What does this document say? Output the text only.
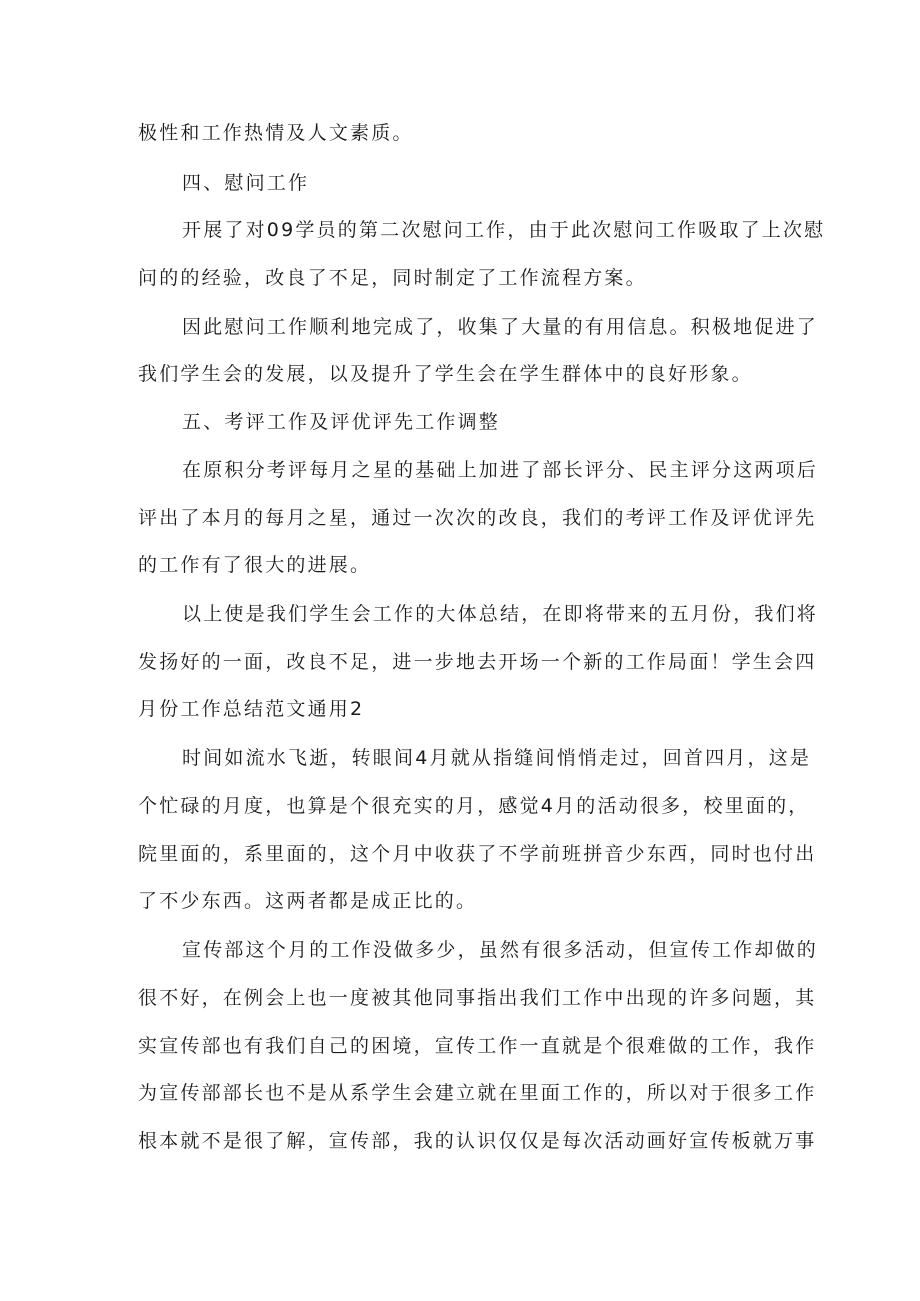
极性和工作热情及人文素质。
四、慰问工作
开展了对09学员的第二次慰问工作，由于此次慰问工作吸取了上次慰
问的的经验，改良了不足，同时制定了工作流程方案。
因此慰问工作顺利地完成了，收集了大量的有用信息。积极地促进了
我们学生会的发展，以及提升了学生会在学生群体中的良好形象。
五、考评工作及评优评先工作调整
在原积分考评每月之星的基础上加进了部长评分、民主评分这两项后
评出了本月的每月之星，通过一次次的改良，我们的考评工作及评优评先
的工作有了很大的进展。
以上使是我们学生会工作的大体总结，在即将带来的五月份，我们将
发扬好的一面，改良不足，进一步地去开场一个新的工作局面！学生会四
月份工作总结范文通用2
时间如流水飞逝，转眼间4月就从指缝间悄悄走过，回首四月，这是
个忙碌的月度，也算是个很充实的月，感觉4月的活动很多，校里面的，
院里面的，系里面的，这个月中收获了不学前班拼音少东西，同时也付出
了不少东西。这两者都是成正比的。
宣传部这个月的工作没做多少，虽然有很多活动，但宣传工作却做的
很不好，在例会上也一度被其他同事指出我们工作中出现的许多问题，其
实宣传部也有我们自己的困境，宣传工作一直就是个很难做的工作，我作
为宣传部部长也不是从系学生会建立就在里面工作的，所以对于很多工作
根本就不是很了解，宣传部，我的认识仅仅是每次活动画好宣传板就万事
